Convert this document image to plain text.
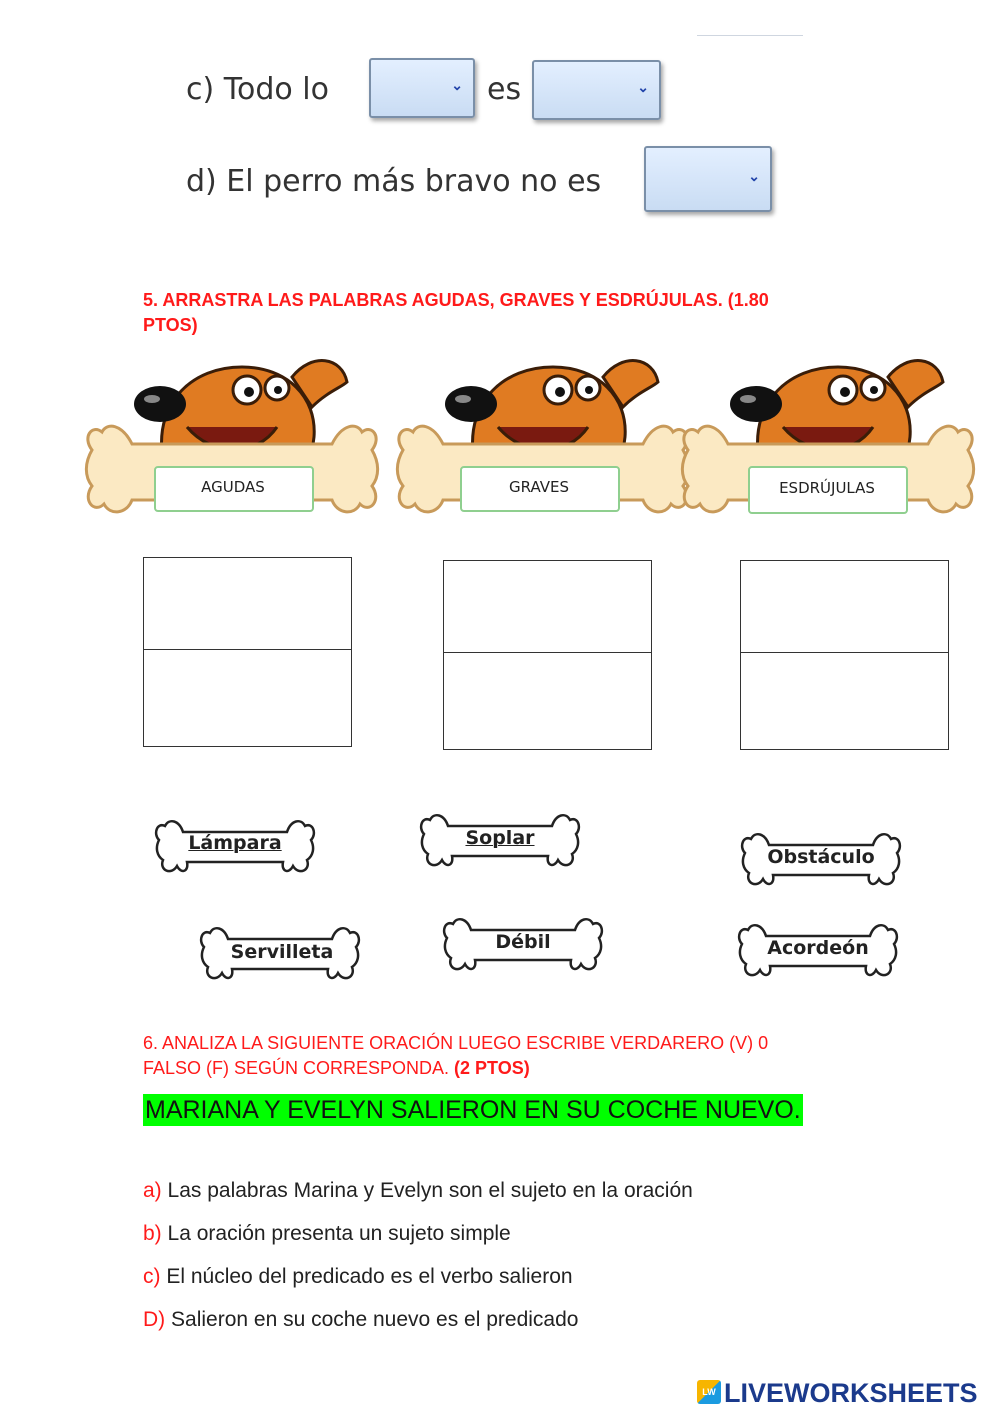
c) Todo lo	⌄ es	⌄
d) El perro más bravo no es	⌄
5. ARRASTRA LAS PALABRAS AGUDAS, GRAVES Y ESDRÚJULAS. (1.80
PTOS)
AGUDAS	GRAVES	ESDRÚJULAS
Lámpara	Soplar
Obstáculo
Servilleta	Débil	Acordeón
6. ANALIZA LA SIGUIENTE ORACIÓN LUEGO ESCRIBE VERDARERO (V) 0
FALSO (F) SEGÚN CORRESPONDA. (2 PTOS)
MARIANA Y EVELYN SALIERON EN SU COCHE NUEVO.
a) Las palabras Marina y Evelyn son el sujeto en la oración
b) La oración presenta un sujeto simple
c) El núcleo del predicado es el verbo salieron
D) Salieron en su coche nuevo es el predicado
LW LIVEWORKSHEETS
